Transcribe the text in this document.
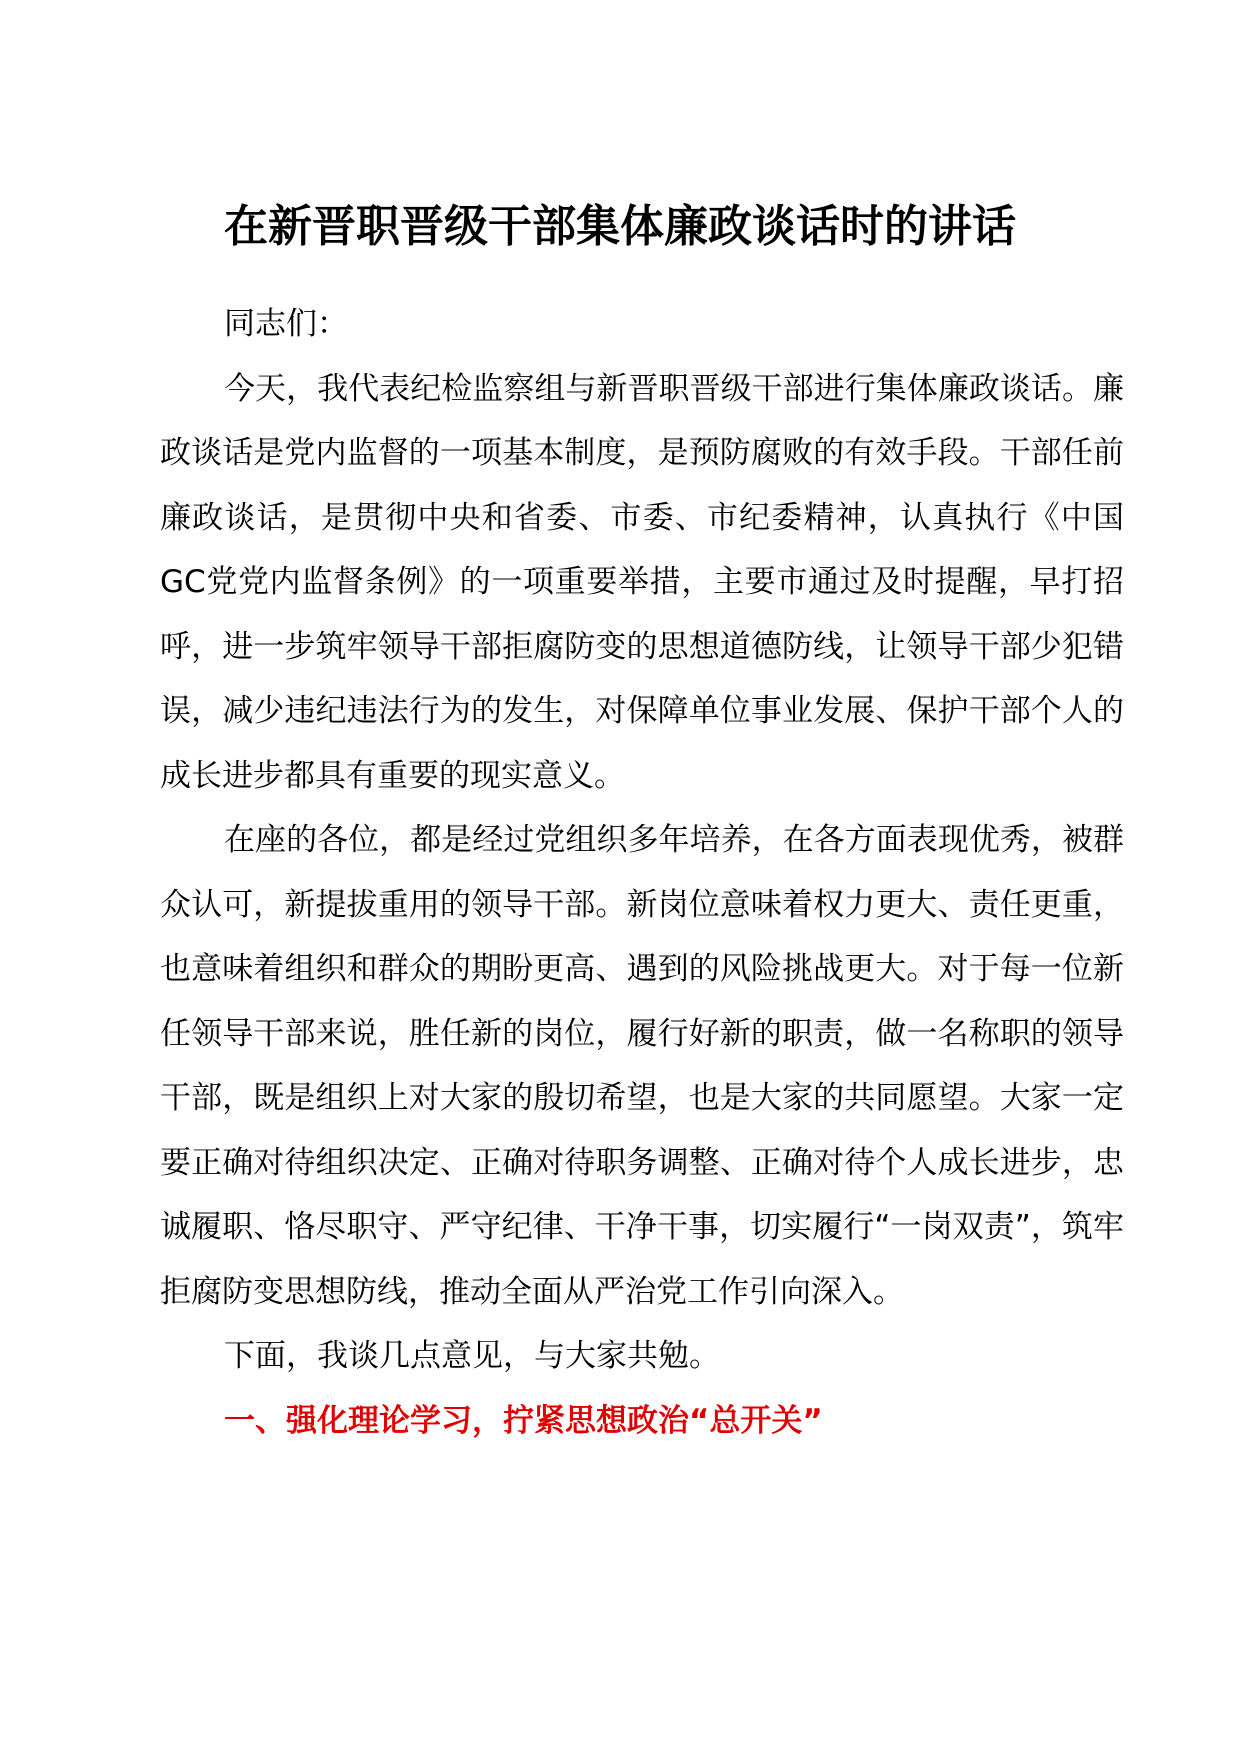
在新晋职晋级干部集体廉政谈话时的讲话

同志们：

今天，我代表纪检监察组与新晋职晋级干部进行集体廉政谈话。廉政谈话是党内监督的一项基本制度，是预防腐败的有效手段。干部任前廉政谈话，是贯彻中央和省委、市委、市纪委精神，认真执行《中国GC党党内监督条例》的一项重要举措，主要市通过及时提醒，早打招呼，进一步筑牢领导干部拒腐防变的思想道德防线，让领导干部少犯错误，减少违纪违法行为的发生，对保障单位事业发展、保护干部个人的成长进步都具有重要的现实意义。

在座的各位，都是经过党组织多年培养，在各方面表现优秀，被群众认可，新提拔重用的领导干部。新岗位意味着权力更大、责任更重，也意味着组织和群众的期盼更高、遇到的风险挑战更大。对于每一位新任领导干部来说，胜任新的岗位，履行好新的职责，做一名称职的领导干部，既是组织上对大家的殷切希望，也是大家的共同愿望。大家一定要正确对待组织决定、正确对待职务调整、正确对待个人成长进步，忠诚履职、恪尽职守、严守纪律、干净干事，切实履行“一岗双责”，筑牢拒腐防变思想防线，推动全面从严治党工作引向深入。

下面，我谈几点意见，与大家共勉。

一、强化理论学习，拧紧思想政治“总开关”
